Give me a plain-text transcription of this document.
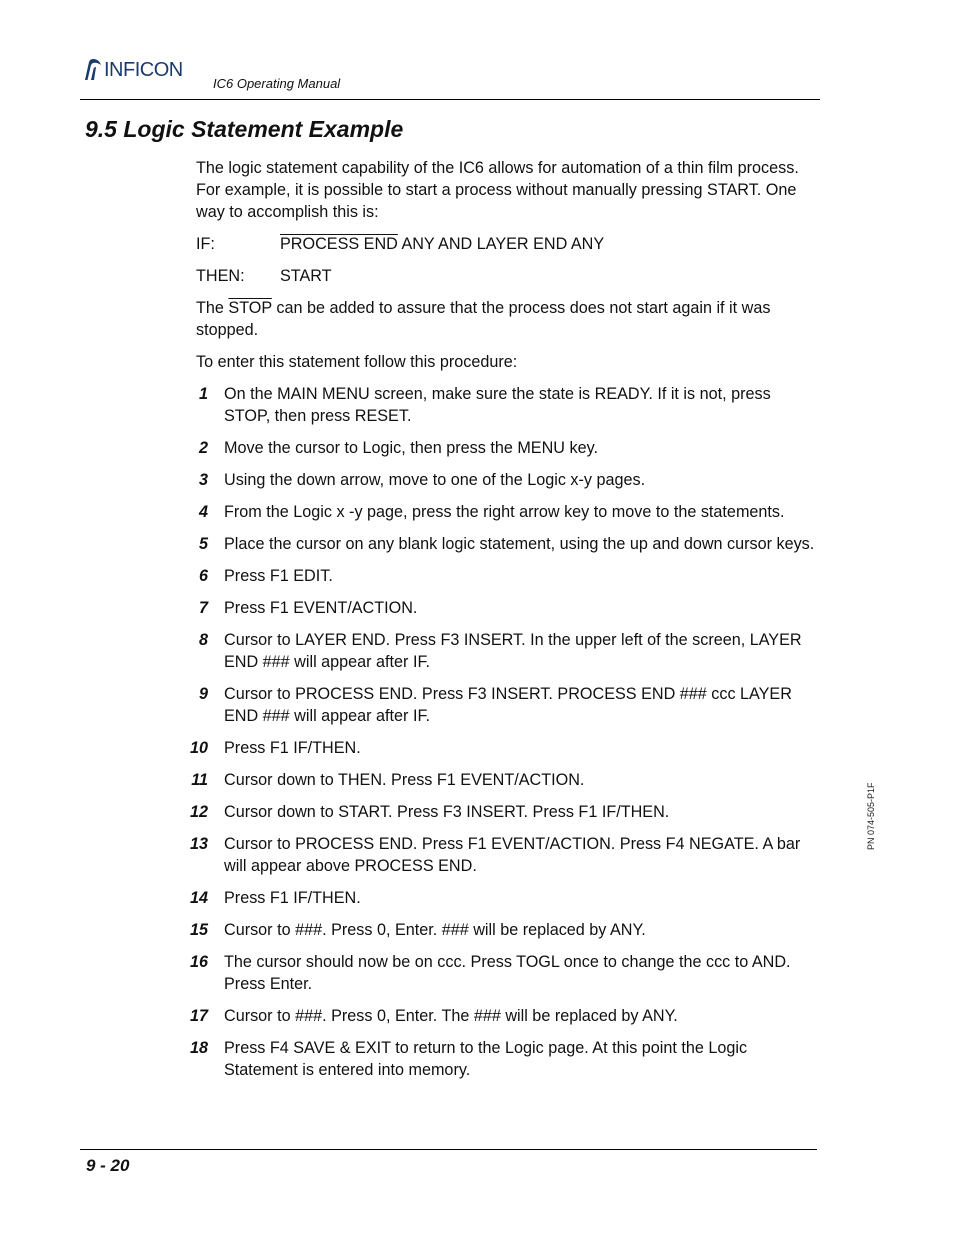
INFICON
IC6 Operating Manual
9.5 Logic Statement Example

The logic statement capability of the IC6 allows for automation of a thin film process. For example, it is possible to start a process without manually pressing START. One way to accomplish this is:

IF:	PROCESS END ANY AND LAYER END ANY
THEN:	START

The STOP can be added to assure that the process does not start again if it was stopped.

To enter this statement follow this procedure:

1 On the MAIN MENU screen, make sure the state is READY. If it is not, press STOP, then press RESET.
2 Move the cursor to Logic, then press the MENU key.
3 Using the down arrow, move to one of the Logic x-y pages.
4 From the Logic x -y page, press the right arrow key to move to the statements.
5 Place the cursor on any blank logic statement, using the up and down cursor keys.
6 Press F1 EDIT.
7 Press F1 EVENT/ACTION.
8 Cursor to LAYER END. Press F3 INSERT. In the upper left of the screen, LAYER END ### will appear after IF.
9 Cursor to PROCESS END. Press F3 INSERT. PROCESS END ### ccc LAYER END ### will appear after IF.
10 Press F1 IF/THEN.
11 Cursor down to THEN. Press F1 EVENT/ACTION.
12 Cursor down to START. Press F3 INSERT. Press F1 IF/THEN.
13 Cursor to PROCESS END. Press F1 EVENT/ACTION. Press F4 NEGATE. A bar will appear above PROCESS END.
14 Press F1 IF/THEN.
15 Cursor to ###. Press 0, Enter. ### will be replaced by ANY.
16 The cursor should now be on ccc. Press TOGL once to change the ccc to AND. Press Enter.
17 Cursor to ###. Press 0, Enter. The ### will be replaced by ANY.
18 Press F4 SAVE & EXIT to return to the Logic page. At this point the Logic Statement is entered into memory.
PN 074-505-P1F
9 - 20
